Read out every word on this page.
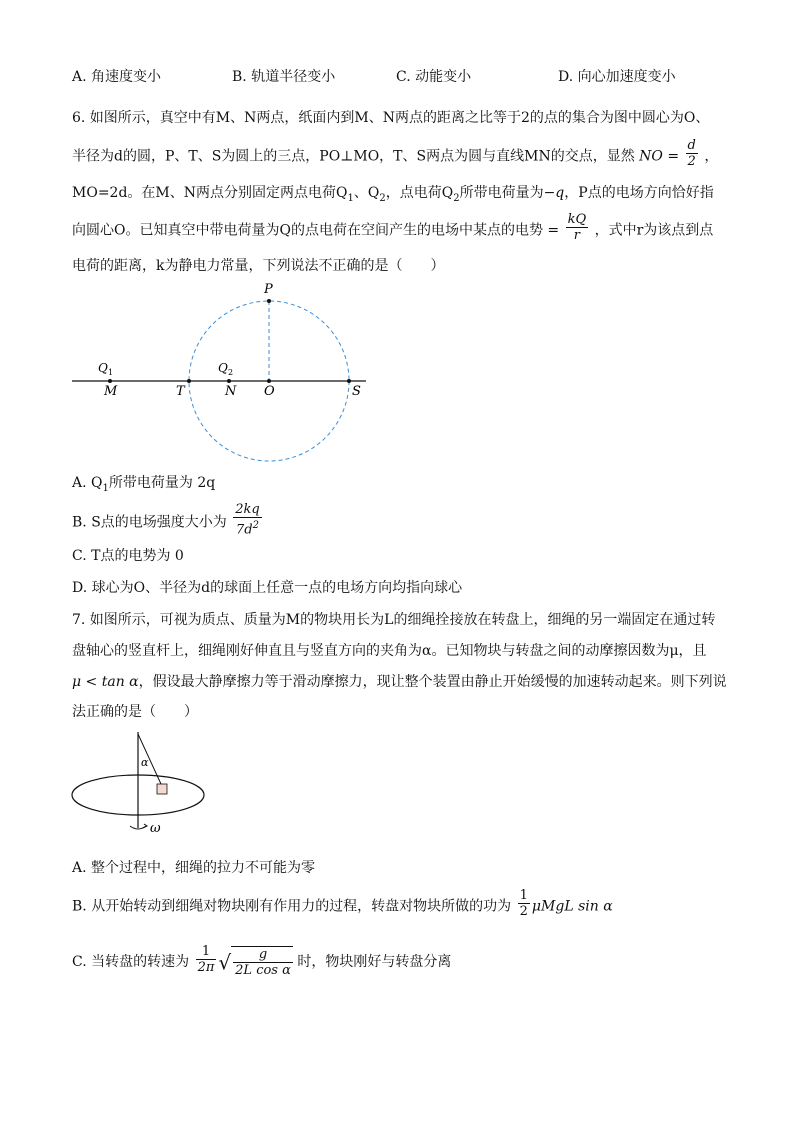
A. 角速度变小	B. 轨道半径变小	C. 动能变小	D. 向心加速度变小
6. 如图所示，真空中有M、N两点，纸面内到M、N两点的距离之比等于2的点的集合为图中圆心为O、
半径为d的圆，P、T、S为圆上的三点，PO⊥MO，T、S两点为圆与直线MN的交点，显然 NO = $\frac{d}{2}$ ，
MO=2d。在M、N两点分别固定两点电荷$Q_1$、$Q_2$，点电荷$Q_2$所带电荷量为−q，P点的电场方向恰好指
向圆心O。已知真空中带电荷量为Q的点电荷在空间产生的电场中某点的电势 = $\frac{kQ}{r}$ ，式中r为该点到点
电荷的距离，k为静电力常量，下列说法不正确的是（　　）
P
Q 1	Q 2
M	T	N O	S
A. $Q_1$所带电荷量为 2q
B. S点的电场强度大小为 $\frac{2kq}{7d^2}$
C. T点的电势为 0
D. 球心为O、半径为d的球面上任意一点的电场方向均指向球心
7. 如图所示，可视为质点、质量为M的物块用长为L的细绳拴接放在转盘上，细绳的另一端固定在通过转
盘轴心的竖直杆上，细绳刚好伸直且与竖直方向的夹角为α。已知物块与转盘之间的动摩擦因数为μ，且
μ < tan α，假设最大静摩擦力等于滑动摩擦力，现让整个装置由静止开始缓慢的加速转动起来。则下列说
法正确的是（　　）
α
ω
A. 整个过程中，细绳的拉力不可能为零
B. 从开始转动到细绳对物块刚有作用力的过程，转盘对物块所做的功为 $\frac{1}{2}$ μMgL sin α
C. 当转盘的转速为 $\frac{1}{2\pi}$ √ $\frac{g}{\text{2L cos α}}$ 时，物块刚好与转盘分离
